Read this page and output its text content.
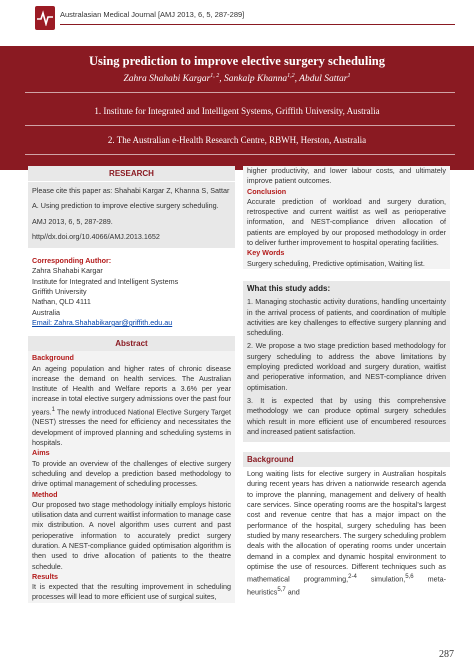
Australasian Medical Journal [AMJ 2013, 6, 5, 287-289]
Using prediction to improve elective surgery scheduling
Zahra Shahabi Kargar$^{1, 2}$, Sankalp Khanna$^{1,2}$, Abdul Sattar$^1$
1. Institute for Integrated and Intelligent Systems, Griffith University, Australia
2. The Australian e-Health Research Centre, RBWH, Herston, Australia
RESEARCH

Please cite this paper as: Shahabi Kargar Z, Khanna S, Sattar

A. Using prediction to improve elective surgery scheduling.

AMJ 2013, 6, 5, 287-289.

http//dx.doi.org/10.4066/AMJ.2013.1652

Corresponding Author:
Zahra Shahabi Kargar
Institute for Integrated and Intelligent Systems
Griffith University
Nathan, QLD 4111
Australia
Email: Zahra.Shahabikargar@griffith.edu.au
Abstract
Background

An ageing population and higher rates of chronic disease increase the demand on health services. The Australian Institute of Health and Welfare reports a 3.6% per year increase in total elective surgery admissions over the past four years.$^1$ The newly introduced National Elective Surgery Target (NEST) stresses the need for efficiency and necessitates the development of improved planning and scheduling systems in hospitals.

Aims

To provide an overview of the challenges of elective surgery scheduling and develop a prediction based methodology to drive optimal management of scheduling processes.

Method

Our proposed two stage methodology initially employs historic utilisation data and current waitlist information to manage case mix distribution. A novel algorithm uses current and past perioperative information to accurately predict surgery duration. A NEST-compliance guided optimisation algorithm is then used to drive allocation of patients to the theatre schedule.

Results

It is expected that the resulting improvement in scheduling processes will lead to more efficient use of surgical suites,

higher productivity, and lower labour costs, and ultimately improve patient outcomes.

Conclusion

Accurate prediction of workload and surgery duration, retrospective and current waitlist as well as perioperative information, and NEST-compliance driven allocation of patients are employed by our proposed methodology in order to deliver further improvement to hospital operating facilities.

Key Words

Surgery scheduling, Predictive optimisation, Waiting list.

What this study adds:

1. Managing stochastic activity durations, handling uncertainty in the arrival process of patients, and coordination of multiple activities are key challenges to effective surgery planning and scheduling.

2. We propose a two stage prediction based methodology for surgery scheduling to address the above limitations by employing predicted workload and surgery duration, waitlist and perioperative information, and NEST-compliance driven optimisation.

3. It is expected that by using this comprehensive methodology we can produce optimal surgery schedules which result in more efficient use of encumbered resources and increased patient satisfaction.

Background

Long waiting lists for elective surgery in Australian hospitals during recent years has driven a nationwide research agenda to improve the planning, management and delivery of health care services. Since operating rooms are the hospital's largest cost and revenue centre that has a major impact on the performance of the hospital, surgery scheduling has been studied by many researchers. The surgery scheduling problem deals with the allocation of operating rooms under uncertain demand in a complex and dynamic hospital environment to optimise the use of resources. Different techniques such as mathematical programming,$^{2-4}$ simulation,$^{5,6}$ meta-heuristics$^{5,7}$ and

287
